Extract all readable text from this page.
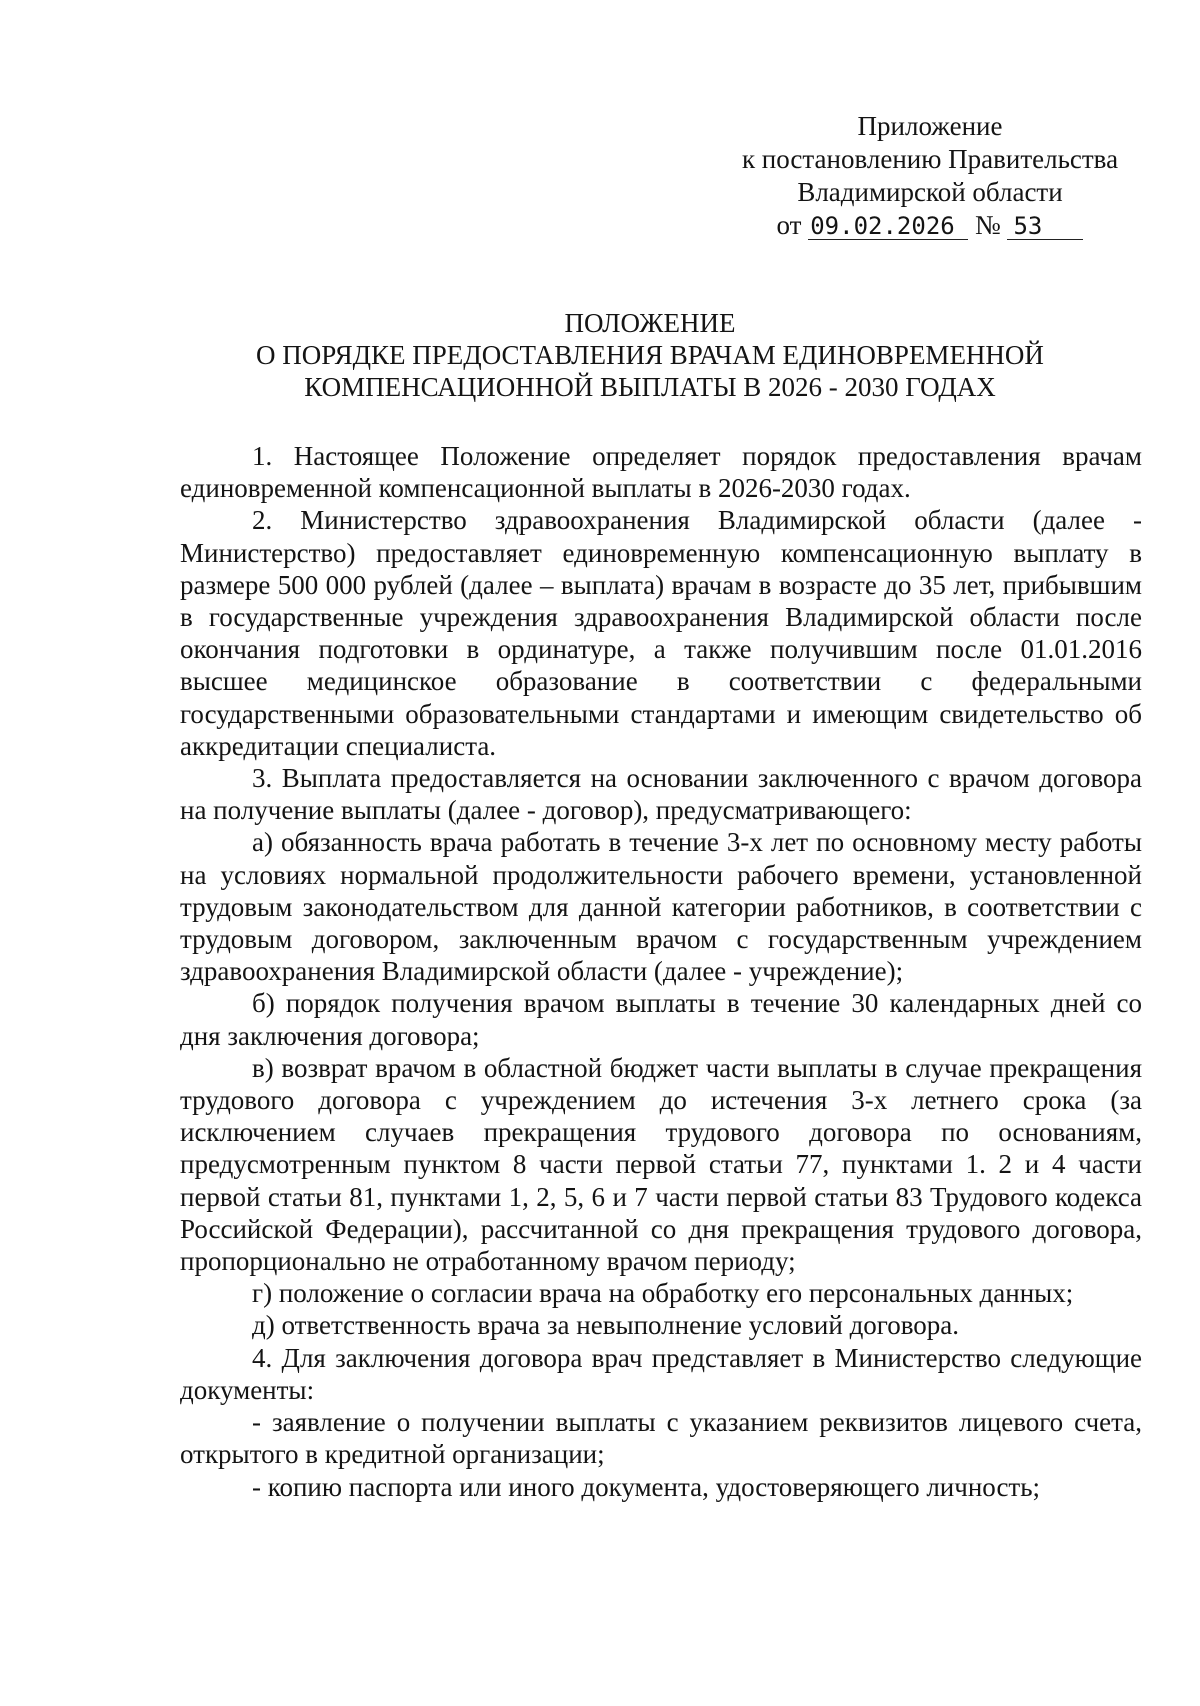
Приложение
к постановлению Правительства
Владимирской области
от 09.02.2026 № 53
ПОЛОЖЕНИЕ
О ПОРЯДКЕ ПРЕДОСТАВЛЕНИЯ ВРАЧАМ ЕДИНОВРЕМЕННОЙ
КОМПЕНСАЦИОННОЙ ВЫПЛАТЫ В 2026 - 2030 ГОДАХ

1. Настоящее Положение определяет порядок предоставления врачам единовременной компенсационной выплаты в 2026-2030 годах.

2. Министерство здравоохранения Владимирской области (далее - Министерство) предоставляет единовременную компенсационную выплату в размере 500 000 рублей (далее – выплата) врачам в возрасте до 35 лет, прибывшим в государственные учреждения здравоохранения Владимирской области после окончания подготовки в ординатуре, а также получившим после 01.01.2016 высшее медицинское образование в соответствии с федеральными государственными образовательными стандартами и имеющим свидетельство об аккредитации специалиста.

3. Выплата предоставляется на основании заключенного с врачом договора на получение выплаты (далее - договор), предусматривающего:

а) обязанность врача работать в течение 3-х лет по основному месту работы на условиях нормальной продолжительности рабочего времени, установленной трудовым законодательством для данной категории работников, в соответствии с трудовым договором, заключенным врачом с государственным учреждением здравоохранения Владимирской области (далее - учреждение);

б) порядок получения врачом выплаты в течение 30 календарных дней со дня заключения договора;

в) возврат врачом в областной бюджет части выплаты в случае прекращения трудового договора с учреждением до истечения 3-х летнего срока (за исключением случаев прекращения трудового договора по основаниям, предусмотренным пунктом 8 части первой статьи 77, пунктами 1. 2 и 4 части первой статьи 81, пунктами 1, 2, 5, 6 и 7 части первой статьи 83 Трудового кодекса Российской Федерации), рассчитанной со дня прекращения трудового договора, пропорционально не отработанному врачом периоду;

г) положение о согласии врача на обработку его персональных данных;

д) ответственность врача за невыполнение условий договора.

4. Для заключения договора врач представляет в Министерство следующие документы:

- заявление о получении выплаты с указанием реквизитов лицевого счета, открытого в кредитной организации;

- копию паспорта или иного документа, удостоверяющего личность;
